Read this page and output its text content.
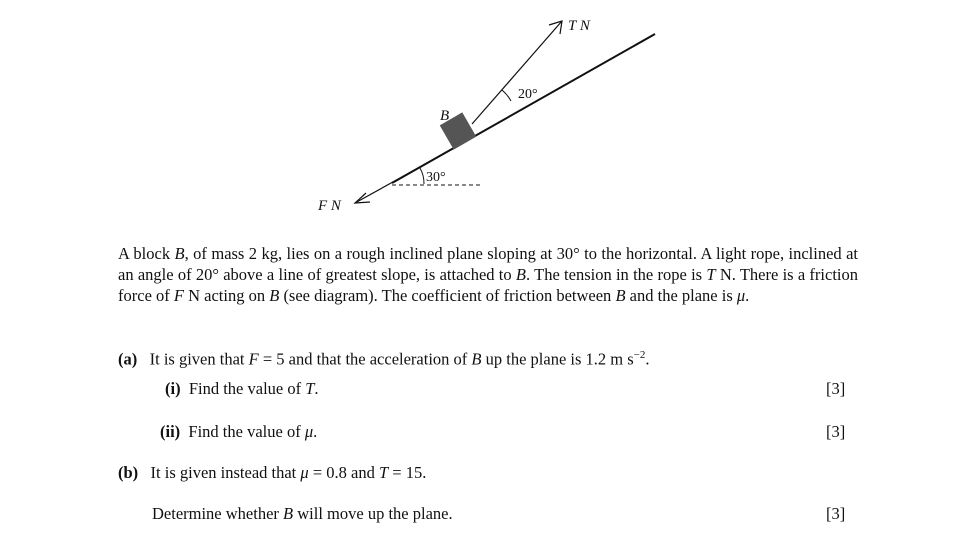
30°
B
F N
T N
20°
A block B, of mass 2 kg, lies on a rough inclined plane sloping at 30° to the horizontal. A light rope, inclined at an angle of 20° above a line of greatest slope, is attached to B. The tension in the rope is T N. There is a friction force of F N acting on B (see diagram). The coefficient of friction between B and the plane is μ.
(a) It is given that F = 5 and that the acceleration of B up the plane is 1.2 m $s^{-2}$.
(i) Find the value of T.	[3]
(ii) Find the value of μ.	[3]
(b) It is given instead that μ = 0.8 and T = 15.
Determine whether B will move up the plane.	[3]
